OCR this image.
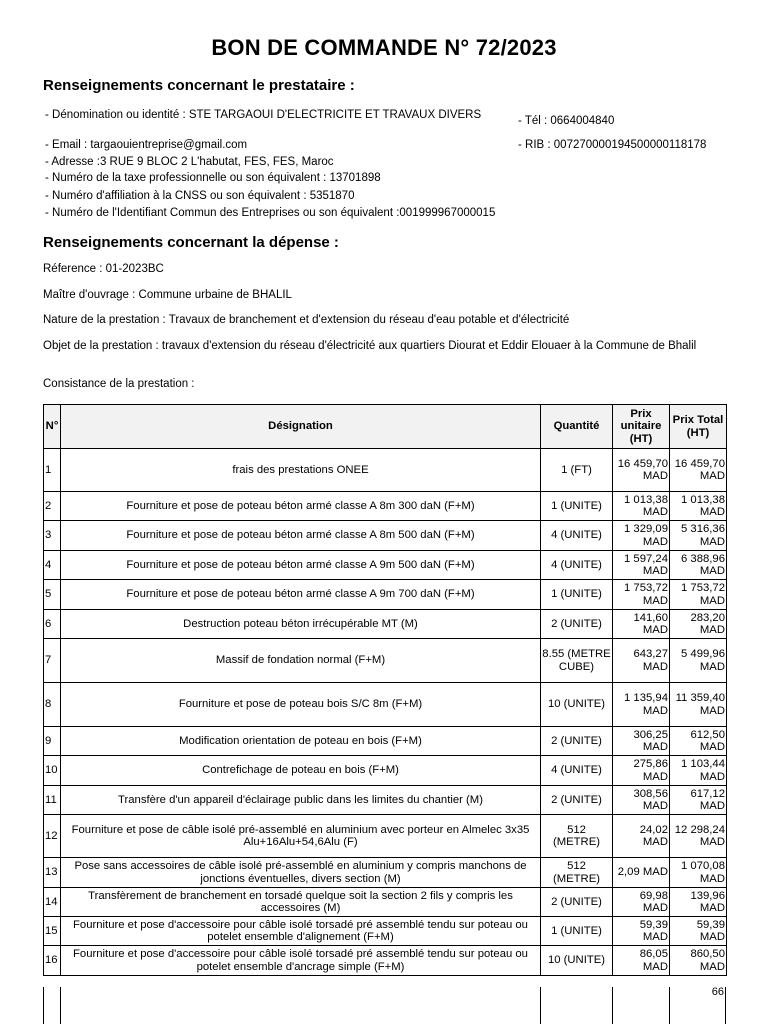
BON DE COMMANDE N° 72/2023
Renseignements concernant le prestataire :
- Dénomination ou identité : STE TARGAOUI D'ELECTRICITE ET TRAVAUX DIVERS
- Email : targaouientreprise@gmail.com
- Adresse :3 RUE 9 BLOC 2 L'habutat, FES, FES, Maroc
- Numéro de la taxe professionnelle ou son équivalent : 13701898
- Numéro d'affiliation à la CNSS ou son équivalent : 5351870
- Numéro de l'Identifiant Commun des Entreprises ou son équivalent :001999967000015
- Tél : 0664004840
- RIB : 007270000194500000118178
Renseignements concernant la dépense :
Réference : 01-2023BC
Maître d'ouvrage : Commune urbaine de BHALIL
Nature de la prestation : Travaux de branchement et d'extension du réseau d'eau potable et d'électricité
Objet de la prestation : travaux d'extension du réseau d'électricité aux quartiers Diourat et Eddir Elouaer à la Commune de Bhalil
Consistance de la prestation :
N°	Désignation	Quantité	Prix unitaire (HT)	Prix Total (HT)
1	frais des prestations ONEE	1 (FT)	16 459,70 MAD	16 459,70 MAD
2	Fourniture et pose de poteau béton armé classe A 8m 300 daN (F+M)	1 (UNITE)	1 013,38 MAD	1 013,38 MAD
3	Fourniture et pose de poteau béton armé classe A 8m 500 daN (F+M)	4 (UNITE)	1 329,09 MAD	5 316,36 MAD
4	Fourniture et pose de poteau béton armé classe A 9m 500 daN (F+M)	4 (UNITE)	1 597,24 MAD	6 388,96 MAD
5	Fourniture et pose de poteau béton armé classe A 9m 700 daN (F+M)	1 (UNITE)	1 753,72 MAD	1 753,72 MAD
6	Destruction poteau béton irrécupérable MT (M)	2 (UNITE)	141,60 MAD	283,20 MAD
7	Massif de fondation normal (F+M)	8.55 (METRE CUBE)	643,27 MAD	5 499,96 MAD
8	Fourniture et pose de poteau bois S/C 8m (F+M)	10 (UNITE)	1 135,94 MAD	11 359,40 MAD
9	Modification orientation de poteau en bois (F+M)	2 (UNITE)	306,25 MAD	612,50 MAD
10	Contrefichage de poteau en bois (F+M)	4 (UNITE)	275,86 MAD	1 103,44 MAD
11	Transfère d'un appareil d'éclairage public dans les limites du chantier (M)	2 (UNITE)	308,56 MAD	617,12 MAD
12	Fourniture et pose de câble isolé pré-assemblé en aluminium avec porteur en Almelec 3x35 Alu+16Alu+54,6Alu (F)	512 (METRE)	24,02 MAD	12 298,24 MAD
13	Pose sans accessoires de câble isolé pré-assemblé en aluminium y compris manchons de jonctions éventuelles, divers section (M)	512 (METRE)	2,09 MAD	1 070,08 MAD
14	Transfèrement de branchement en torsadé quelque soit la section 2 fils y compris les accessoires (M)	2 (UNITE)	69,98 MAD	139,96 MAD
15	Fourniture et pose d'accessoire pour câble isolé torsadé pré assemblé tendu sur poteau ou potelet ensemble d'alignement (F+M)	1 (UNITE)	59,39 MAD	59,39 MAD
16	Fourniture et pose d'accessoire pour câble isolé torsadé pré assemblé tendu sur poteau ou potelet ensemble d'ancrage simple (F+M)	10 (UNITE)	86,05 MAD	860,50 MAD
66
